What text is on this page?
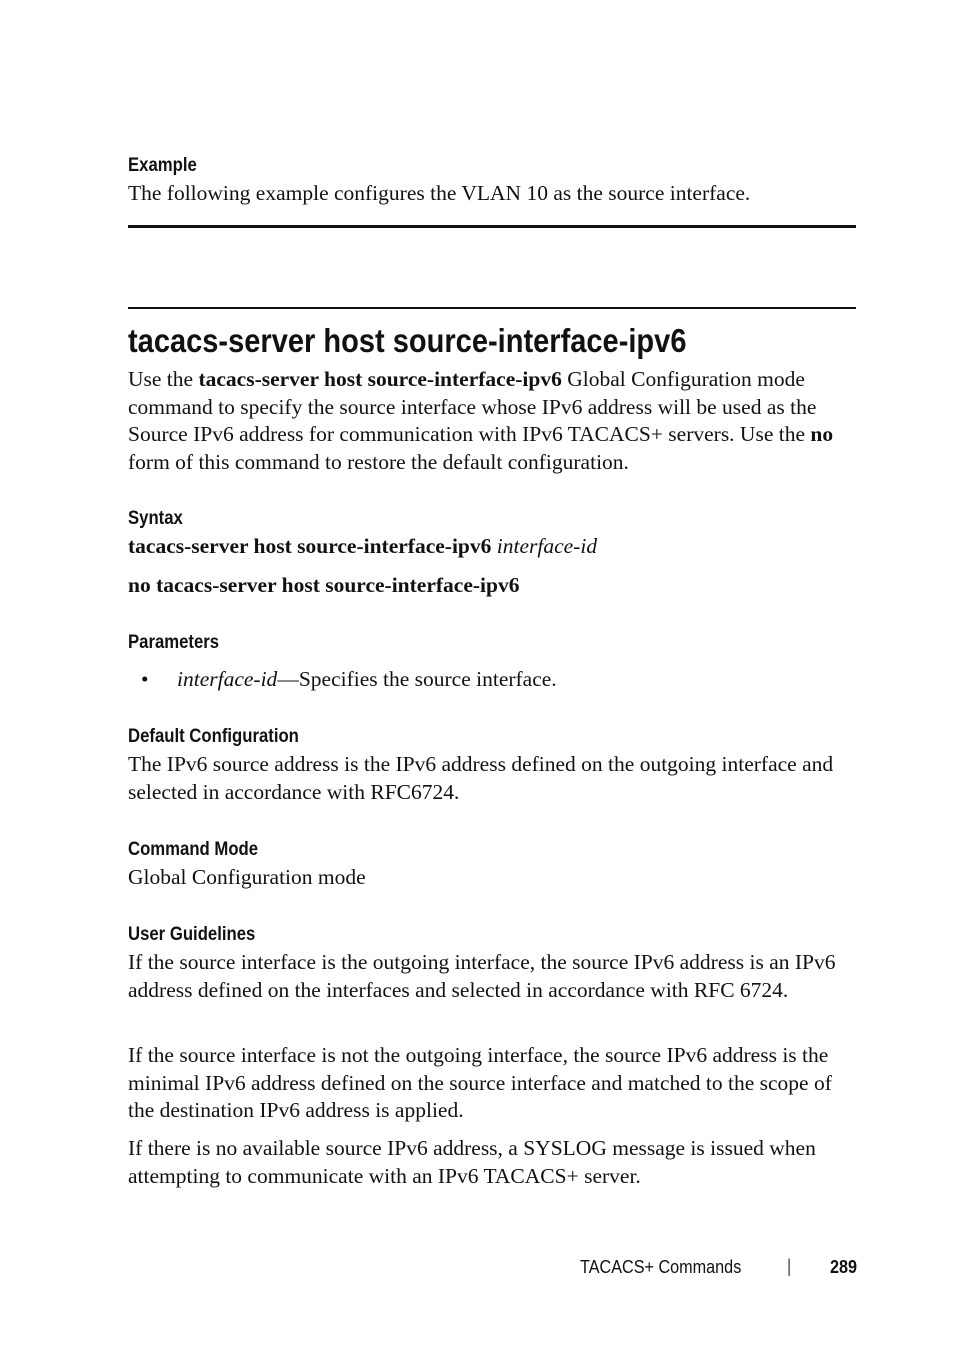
Example
The following example configures the VLAN 10 as the source interface.
tacacs-server host source-interface-ipv6
Use the tacacs-server host source-interface-ipv6 Global Configuration mode command to specify the source interface whose IPv6 address will be used as the Source IPv6 address for communication with IPv6 TACACS+ servers. Use the no form of this command to restore the default configuration.
Syntax
tacacs-server host source-interface-ipv6 interface-id
no tacacs-server host source-interface-ipv6
Parameters
•	interface-id—Specifies the source interface.
Default Configuration
The IPv6 source address is the IPv6 address defined on the outgoing interface and selected in accordance with RFC6724.
Command Mode
Global Configuration mode
User Guidelines
If the source interface is the outgoing interface, the source IPv6 address is an IPv6 address defined on the interfaces and selected in accordance with RFC 6724.
If the source interface is not the outgoing interface, the source IPv6 address is the minimal IPv6 address defined on the source interface and matched to the scope of the destination IPv6 address is applied.
If there is no available source IPv6 address, a SYSLOG message is issued when attempting to communicate with an IPv6 TACACS+ server.
TACACS+ Commands	| 289
